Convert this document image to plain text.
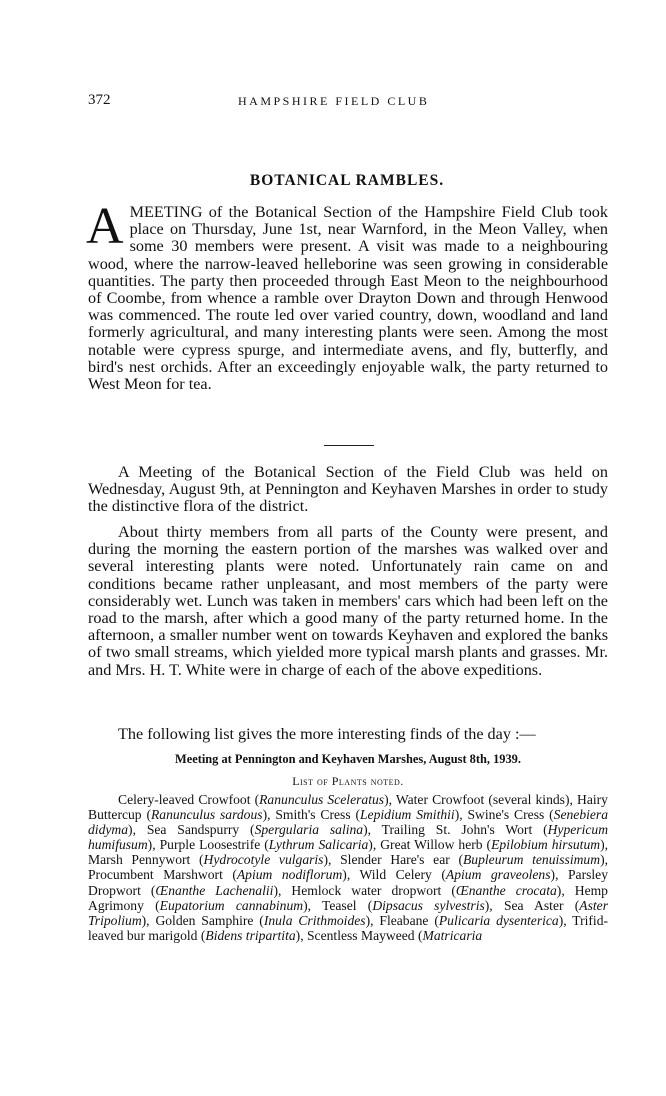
372	HAMPSHIRE FIELD CLUB
BOTANICAL RAMBLES.

AMEETING of the Botanical Section of the Hampshire Field Club took place on Thursday, June 1st, near Warnford, in the Meon Valley, when some 30 members were present. A visit was made to a neighbouring wood, where the narrow-leaved helleborine was seen growing in considerable quantities. The party then proceeded through East Meon to the neighbourhood of Coombe, from whence a ramble over Drayton Down and through Henwood was commenced. The route led over varied country, down, woodland and land formerly agricultural, and many interesting plants were seen. Among the most notable were cypress spurge, and intermediate avens, and fly, butterfly, and bird's nest orchids. After an exceedingly enjoyable walk, the party returned to West Meon for tea.

A Meeting of the Botanical Section of the Field Club was held on Wednesday, August 9th, at Pennington and Keyhaven Marshes in order to study the distinctive flora of the district.

About thirty members from all parts of the County were present, and during the morning the eastern portion of the marshes was walked over and several interesting plants were noted. Unfortunately rain came on and conditions became rather unpleasant, and most members of the party were considerably wet. Lunch was taken in members' cars which had been left on the road to the marsh, after which a good many of the party returned home. In the afternoon, a smaller number went on towards Keyhaven and explored the banks of two small streams, which yielded more typical marsh plants and grasses. Mr. and Mrs. H. T. White were in charge of each of the above expeditions.

The following list gives the more interesting finds of the day :—

Meeting at Pennington and Keyhaven Marshes, August 8th, 1939.
List of Plants noted.

Celery-leaved Crowfoot (Ranunculus Sceleratus), Water Crowfoot (several kinds), Hairy Buttercup (Ranunculus sardous), Smith's Cress (Lepidium Smithii), Swine's Cress (Senebiera didyma), Sea Sandspurry (Spergularia salina), Trailing St. John's Wort (Hypericum humifusum), Purple Loosestrife (Lythrum Salicaria), Great Willow herb (Epilobium hirsutum), Marsh Pennywort (Hydrocotyle vulgaris), Slender Hare's ear (Bupleurum tenuissimum), Procumbent Marshwort (Apium nodiflorum), Wild Celery (Apium graveolens), Parsley Dropwort (Œnanthe Lachenalii), Hemlock water dropwort (Œnanthe crocata), Hemp Agrimony (Eupatorium cannabinum), Teasel (Dipsacus sylvestris), Sea Aster (Aster Tripolium), Golden Samphire (Inula Crithmoides), Fleabane (Pulicaria dysenterica), Trifid-leaved bur marigold (Bidens tripartita), Scentless Mayweed (Matricaria
